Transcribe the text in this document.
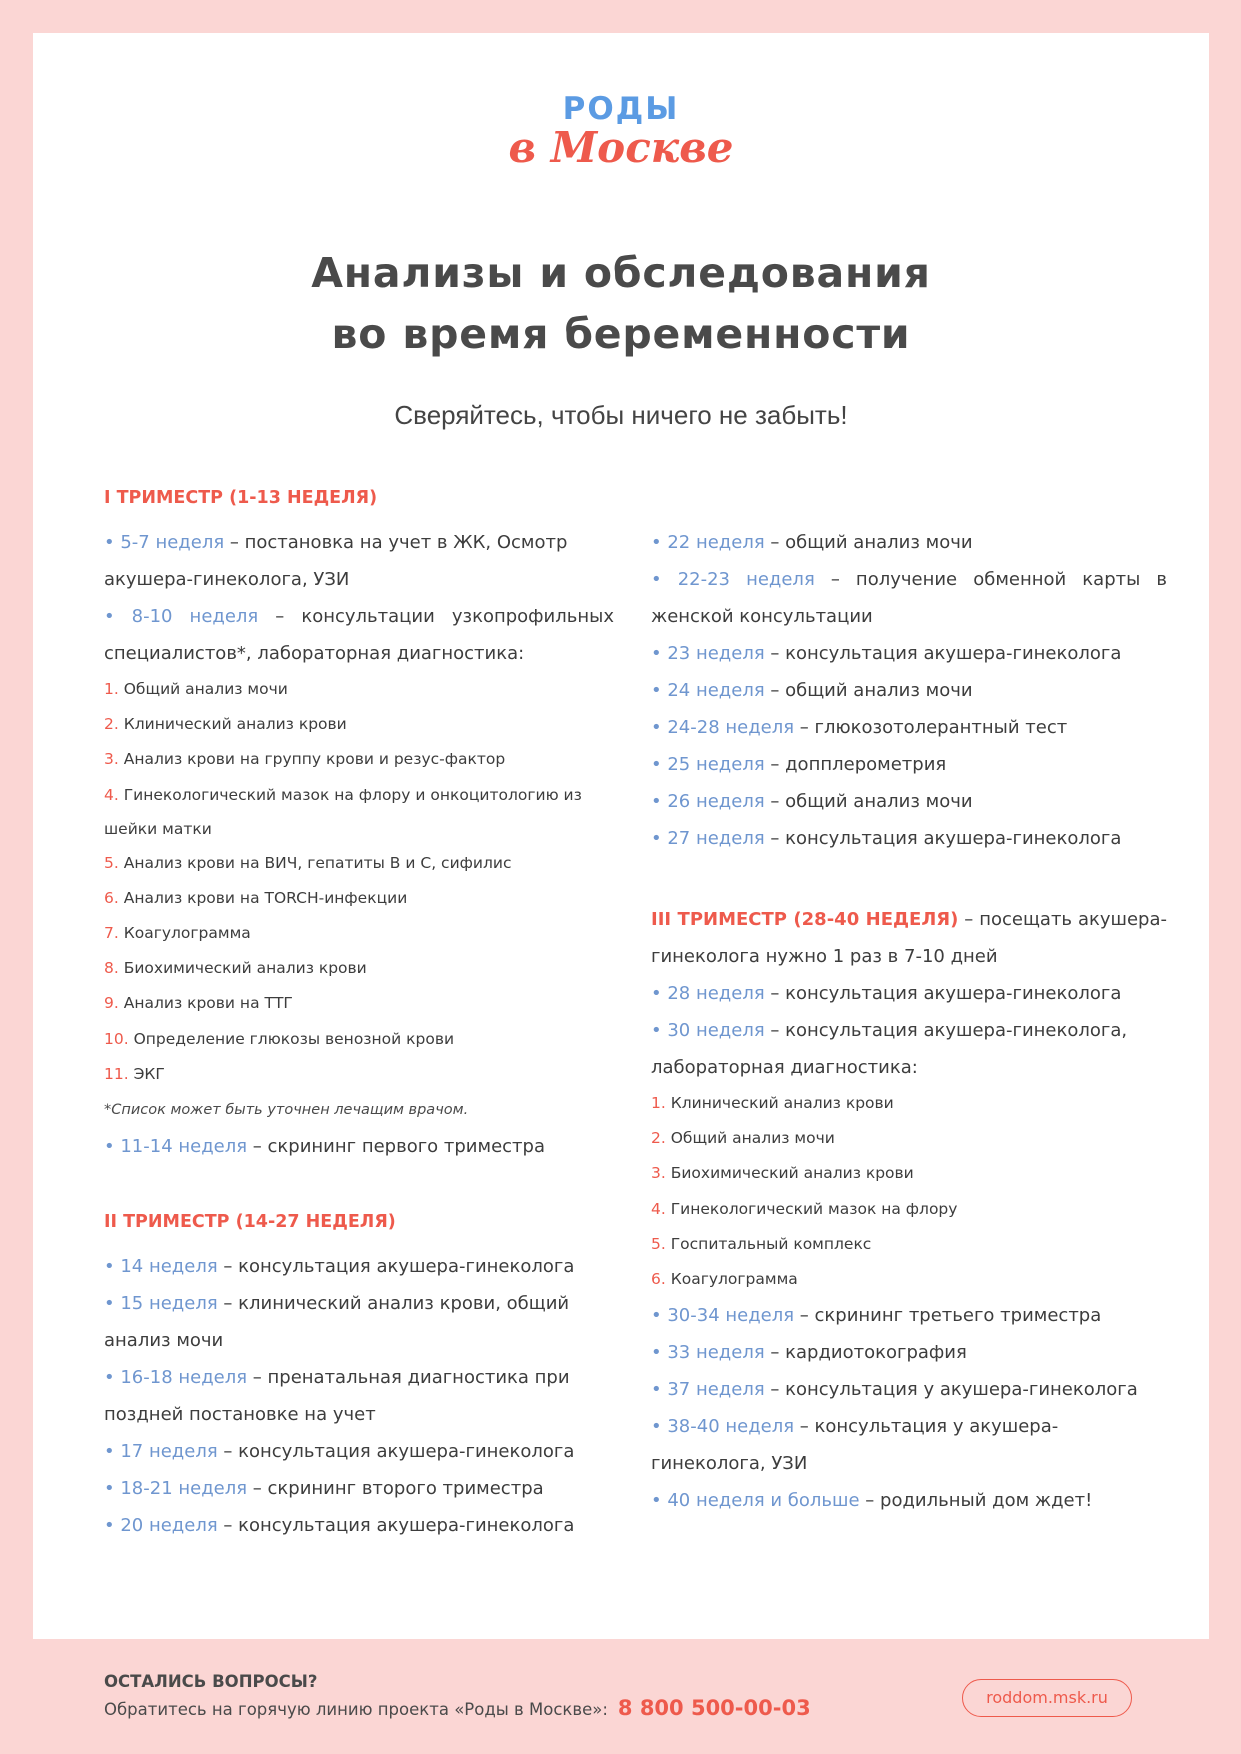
РОДЫ
в Москве
Анализы и обследования
во время беременности
Сверяйтесь, чтобы ничего не забыть!
I ТРИМЕСТР (1-13 НЕДЕЛЯ)
• 5-7 неделя – постановка на учет в ЖК, Осмотр акушера-гинеколога, УЗИ
• 8-10 неделя – консультации узкопрофильных специалистов*, лабораторная диагностика:
1. Общий анализ мочи
2. Клинический анализ крови
3. Анализ крови на группу крови и резус-фактор
4. Гинекологический мазок на флору и онкоцитологию из шейки матки
5. Анализ крови на ВИЧ, гепатиты В и С, сифилис
6. Анализ крови на TORCH-инфекции
7. Коагулограмма
8. Биохимический анализ крови
9. Анализ крови на ТТГ
10. Определение глюкозы венозной крови
11. ЭКГ
*Список может быть уточнен лечащим врачом.
• 11-14 неделя – скрининг первого триместра
II ТРИМЕСТР (14-27 НЕДЕЛЯ)
• 14 неделя – консультация акушера-гинеколога
• 15 неделя – клинический анализ крови, общий анализ мочи
• 16-18 неделя – пренатальная диагностика при поздней постановке на учет
• 17 неделя – консультация акушера-гинеколога
• 18-21 неделя – скрининг второго триместра
• 20 неделя – консультация акушера-гинеколога
• 22 неделя – общий анализ мочи
• 22-23 неделя – получение обменной карты в женской консультации
• 23 неделя – консультация акушера-гинеколога
• 24 неделя – общий анализ мочи
• 24-28 неделя – глюкозотолерантный тест
• 25 неделя – допплерометрия
• 26 неделя – общий анализ мочи
• 27 неделя – консультация акушера-гинеколога
III ТРИМЕСТР (28-40 НЕДЕЛЯ) – посещать акушера-гинеколога нужно 1 раз в 7-10 дней
• 28 неделя – консультация акушера-гинеколога
• 30 неделя – консультация акушера-гинеколога, лабораторная диагностика:
1. Клинический анализ крови
2. Общий анализ мочи
3. Биохимический анализ крови
4. Гинекологический мазок на флору
5. Госпитальный комплекс
6. Коагулограмма
• 30-34 неделя – скрининг третьего триместра
• 33 неделя – кардиотокография
• 37 неделя – консультация у акушера-гинеколога
• 38-40 неделя – консультация у акушера-гинеколога, УЗИ
• 40 неделя и больше – родильный дом ждет!
ОСТАЛИСЬ ВОПРОСЫ?
Обратитесь на горячую линию проекта «Роды в Москве»: 8 800 500-00-03	roddom.msk.ru
